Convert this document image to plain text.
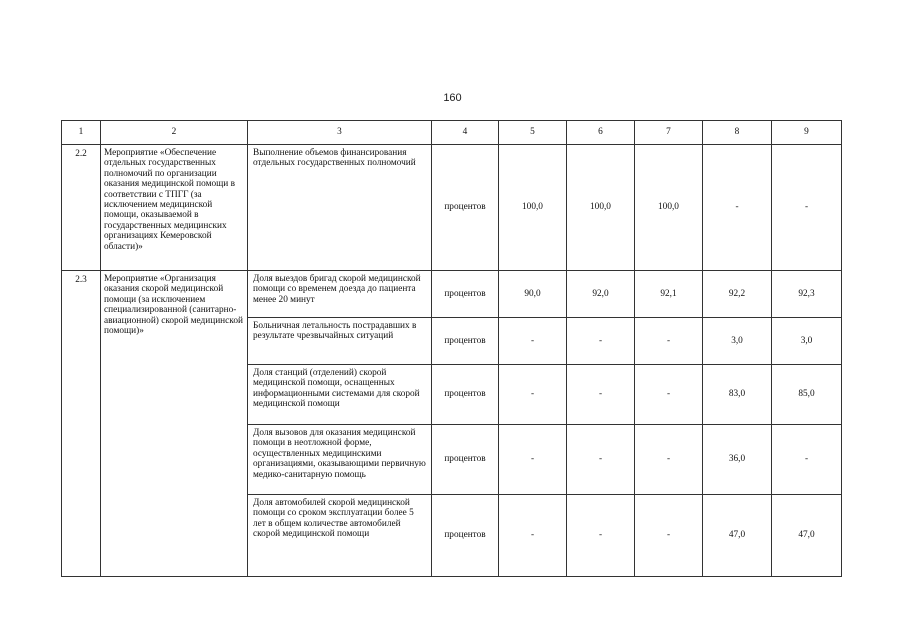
160
1	2	3	4	5	6	7	8	9
2.2	Мероприятие «Обеспечение отдельных государственных полномочий по организации оказания медицинской помощи в соответствии с ТПГГ (за исключением медицинской помощи, оказываемой в государственных медицинских организациях Кемеровской области)»	Выполнение объемов финансирования отдельных государственных полномочий	процентов	100,0	100,0	100,0	-	-
2.3	Мероприятие «Организация оказания скорой медицинской помощи (за исключением специализированной (санитарно-авиационной) скорой медицинской помощи)»	Доля выездов бригад скорой медицинской помощи со временем доезда до пациента менее 20 минут	процентов	90,0	92,0	92,1	92,2	92,3
		Больничная летальность пострадавших в результате чрезвычайных ситуаций	процентов	-	-	-	3,0	3,0
		Доля станций (отделений) скорой медицинской помощи, оснащенных информационными системами для скорой медицинской помощи	процентов	-	-	-	83,0	85,0
		Доля вызовов для оказания медицинской помощи в неотложной форме, осуществленных медицинскими организациями, оказывающими первичную медико-санитарную помощь	процентов	-	-	-	36,0	-
		Доля автомобилей скорой медицинской помощи со сроком эксплуатации более 5 лет в общем количестве автомобилей скорой медицинской помощи	процентов	-	-	-	47,0	47,0
